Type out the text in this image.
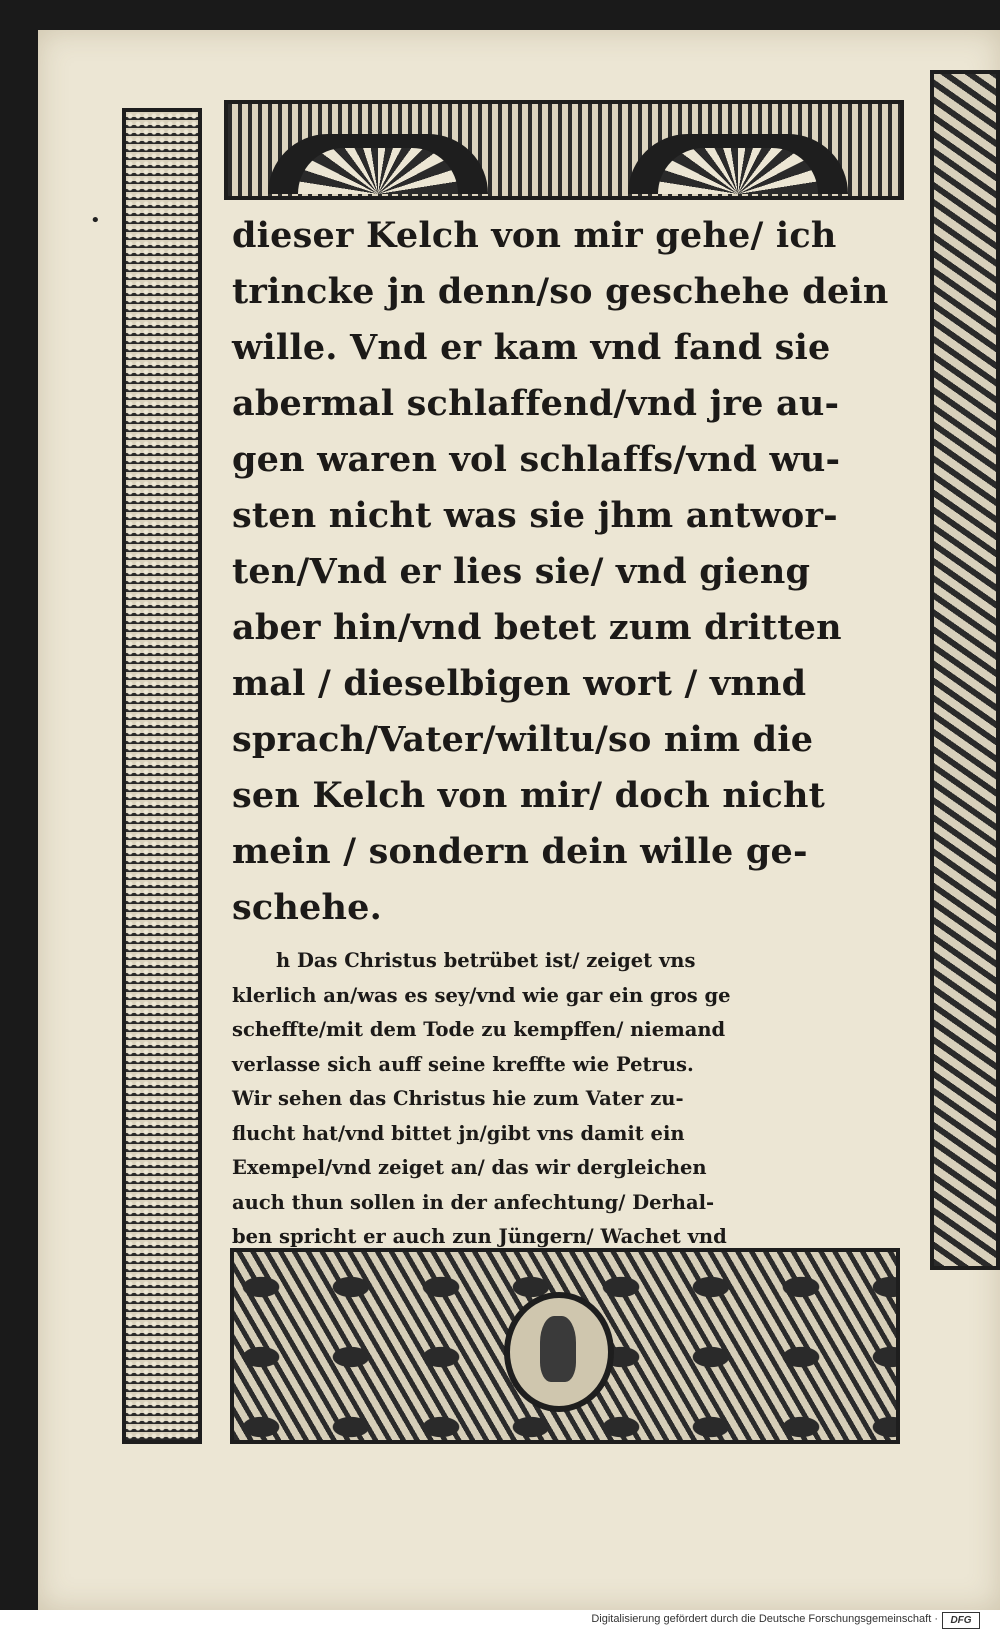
•	dieser Kelch von mir gehe/ ich
trincke jn denn/so geschehe dein
wille. Vnd er kam vnd fand sie
abermal schlaffend/vnd jre au-
gen waren vol schlaffs/vnd wu-
sten nicht was sie jhm antwor-
ten/Vnd er lies sie/ vnd gieng
aber hin/vnd betet zum dritten
mal / dieselbigen wort / vnnd
sprach/Vater/wiltu/so nim die
sen Kelch von mir/ doch nicht
mein / sondern dein wille ge-
schehe.
h Das Christus betrübet ist/ zeiget vns
klerlich an/was es sey/vnd wie gar ein gros ge
scheffte/mit dem Tode zu kempffen/ niemand
verlasse sich auff seine kreffte wie Petrus.
Wir sehen das Christus hie zum Vater zu-
flucht hat/vnd bittet jn/gibt vns damit ein
Exempel/vnd zeiget an/ das wir dergleichen
auch thun sollen in der anfechtung/ Derhal-
ben spricht er auch zun Jüngern/ Wachet vnd
Digitalisierung gefördert durch die Deutsche Forschungsgemeinschaft ·	DFG
